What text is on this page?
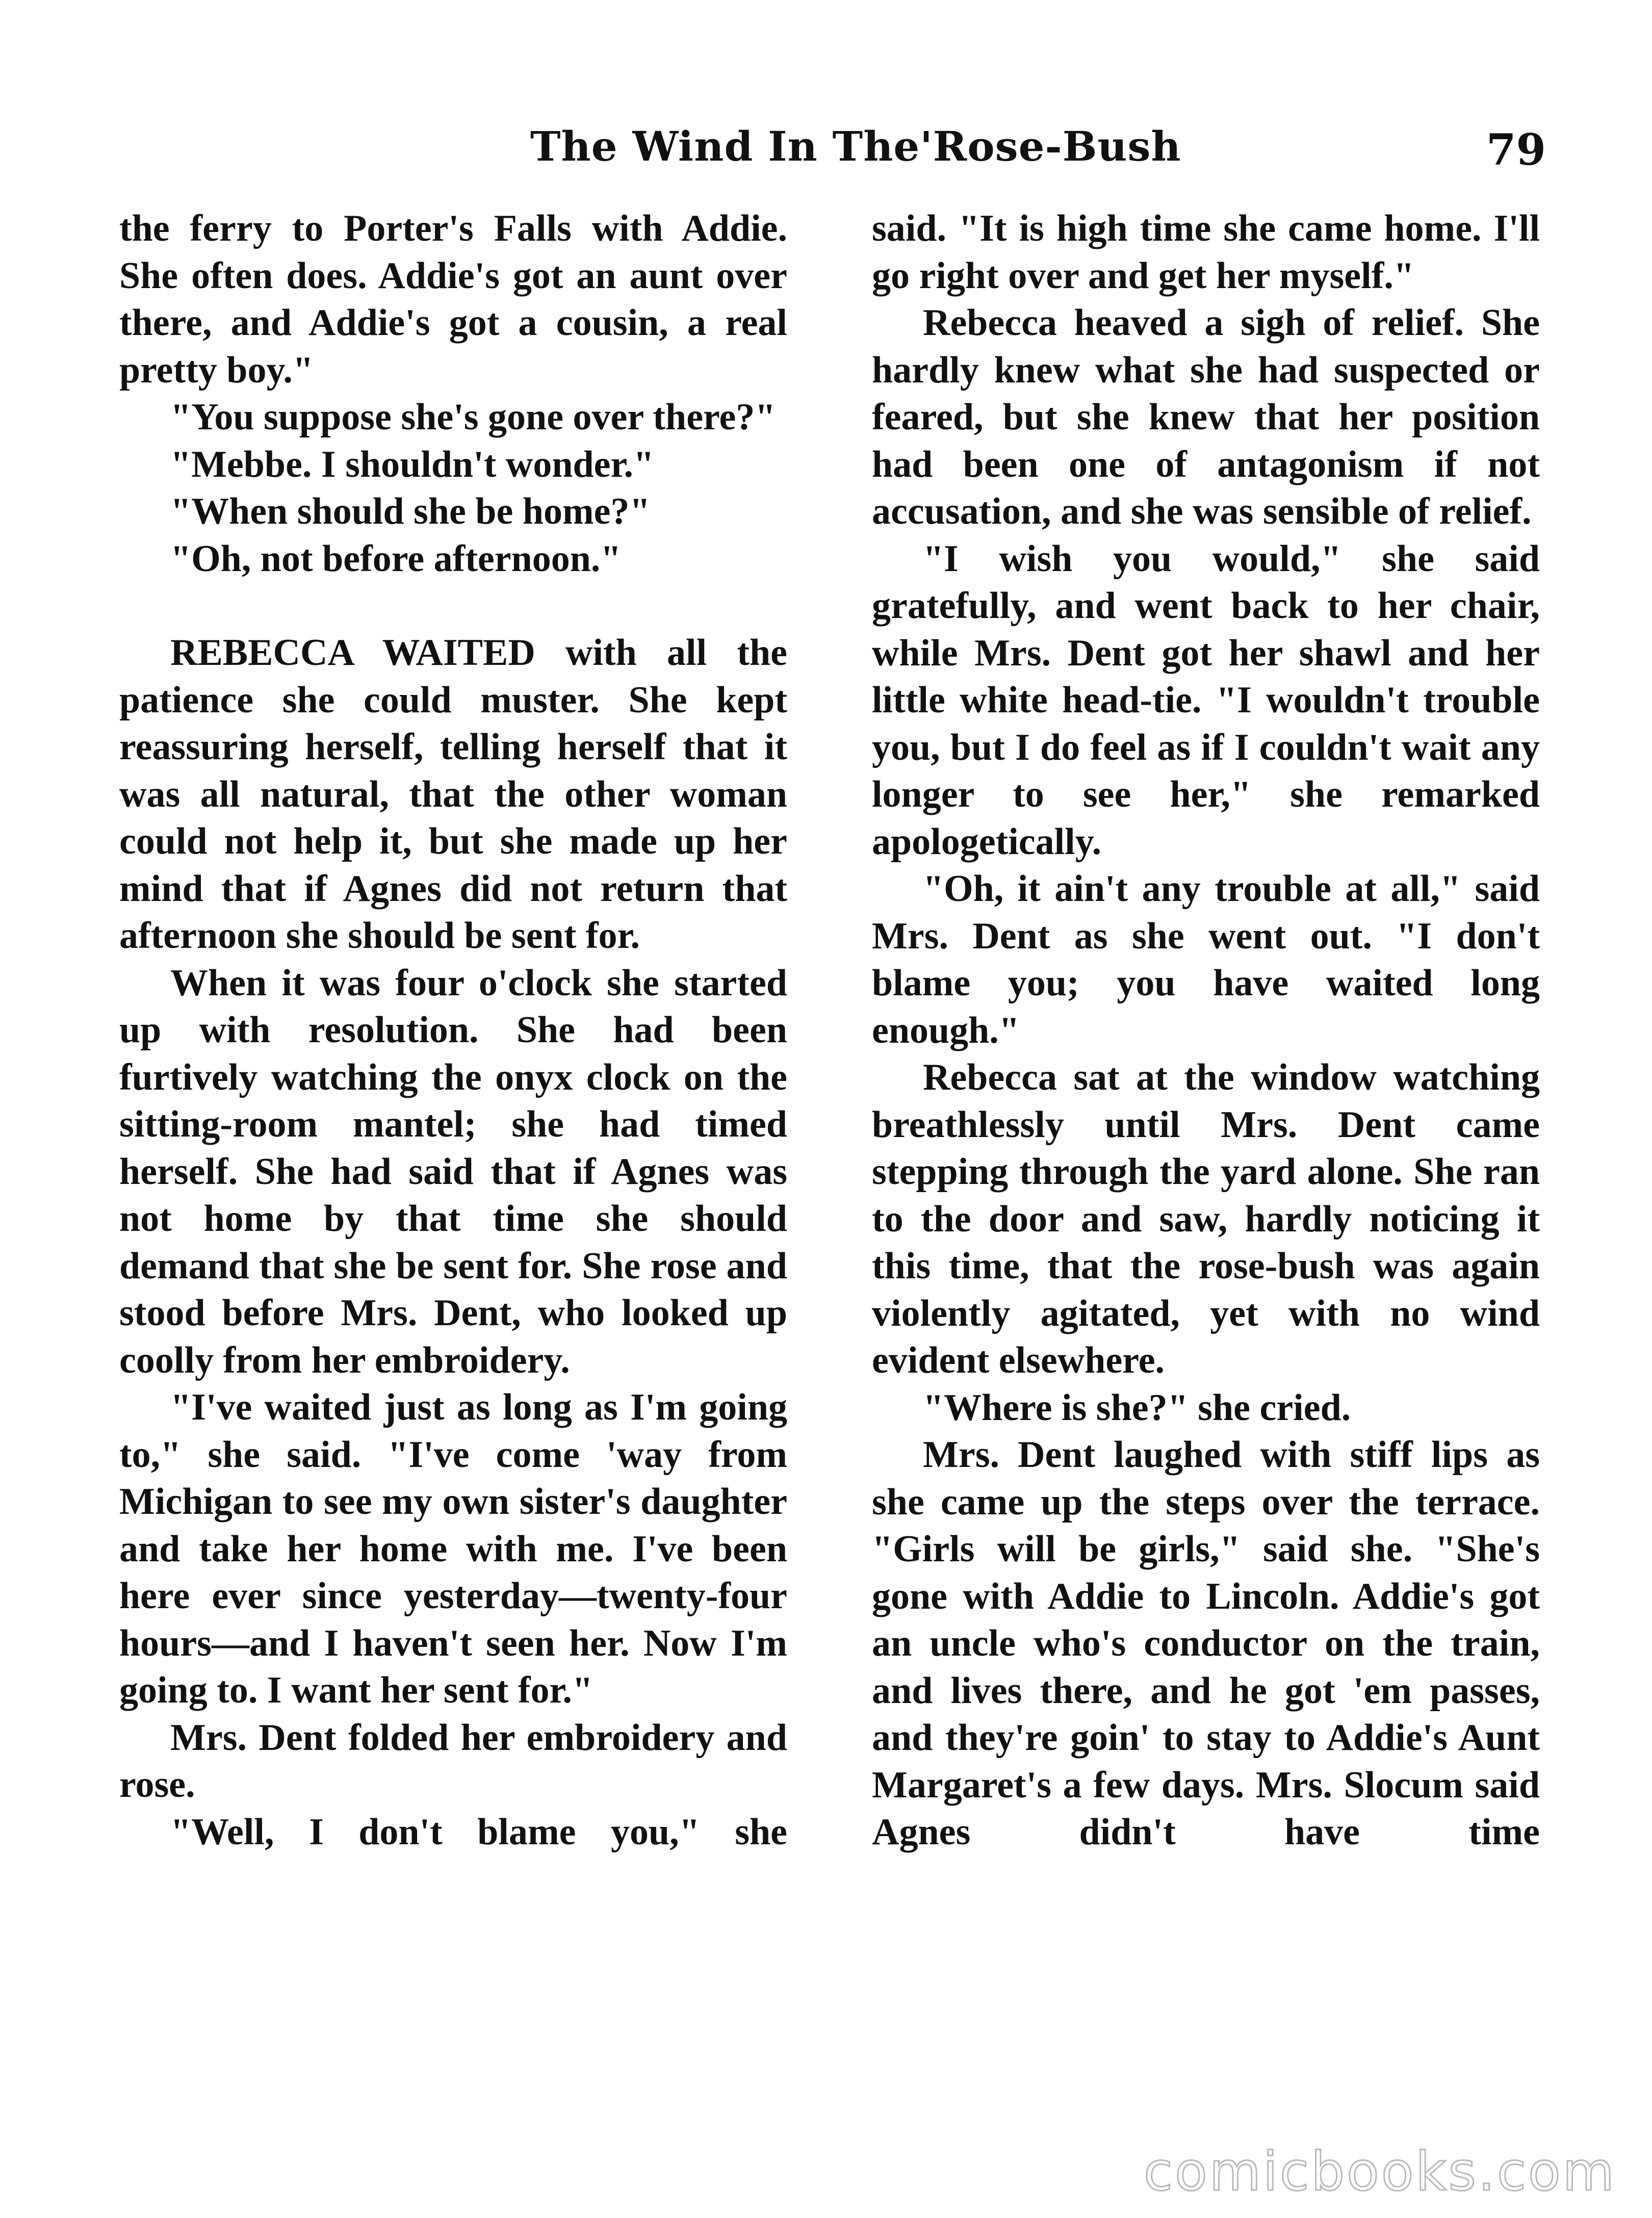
The Wind In The'Rose-Bush	79

the ferry to Porter's Falls with Addie. She often does. Addie's got an aunt over there, and Addie's got a cousin, a real pretty boy."

"You suppose she's gone over there?"

"Mebbe. I shouldn't wonder."

"When should she be home?"

"Oh, not before afternoon."

REBECCA WAITED with all the patience she could muster. She kept reassuring herself, telling herself that it was all natural, that the other woman could not help it, but she made up her mind that if Agnes did not return that afternoon she should be sent for.

When it was four o'clock she started up with resolution. She had been furtively watching the onyx clock on the sitting-room mantel; she had timed herself. She had said that if Agnes was not home by that time she should demand that she be sent for. She rose and stood before Mrs. Dent, who looked up coolly from her embroidery.

"I've waited just as long as I'm going to," she said. "I've come 'way from Michigan to see my own sister's daughter and take her home with me. I've been here ever since yesterday—twenty-four hours—and I haven't seen her. Now I'm going to. I want her sent for."

Mrs. Dent folded her embroidery and rose.

"Well, I don't blame you," she

said. "It is high time she came home. I'll go right over and get her myself."

Rebecca heaved a sigh of relief. She hardly knew what she had suspected or feared, but she knew that her position had been one of antagonism if not accusation, and she was sensible of relief.

"I wish you would," she said gratefully, and went back to her chair, while Mrs. Dent got her shawl and her little white head-tie. "I wouldn't trouble you, but I do feel as if I couldn't wait any longer to see her," she remarked apologetically.

"Oh, it ain't any trouble at all," said Mrs. Dent as she went out. "I don't blame you; you have waited long enough."

Rebecca sat at the window watching breathlessly until Mrs. Dent came stepping through the yard alone. She ran to the door and saw, hardly noticing it this time, that the rose-bush was again violently agitated, yet with no wind evident elsewhere.

"Where is she?" she cried.

Mrs. Dent laughed with stiff lips as she came up the steps over the terrace. "Girls will be girls," said she. "She's gone with Addie to Lincoln. Addie's got an uncle who's conductor on the train, and lives there, and he got 'em passes, and they're goin' to stay to Addie's Aunt Margaret's a few days. Mrs. Slocum said Agnes didn't have time

comicbooks.com
